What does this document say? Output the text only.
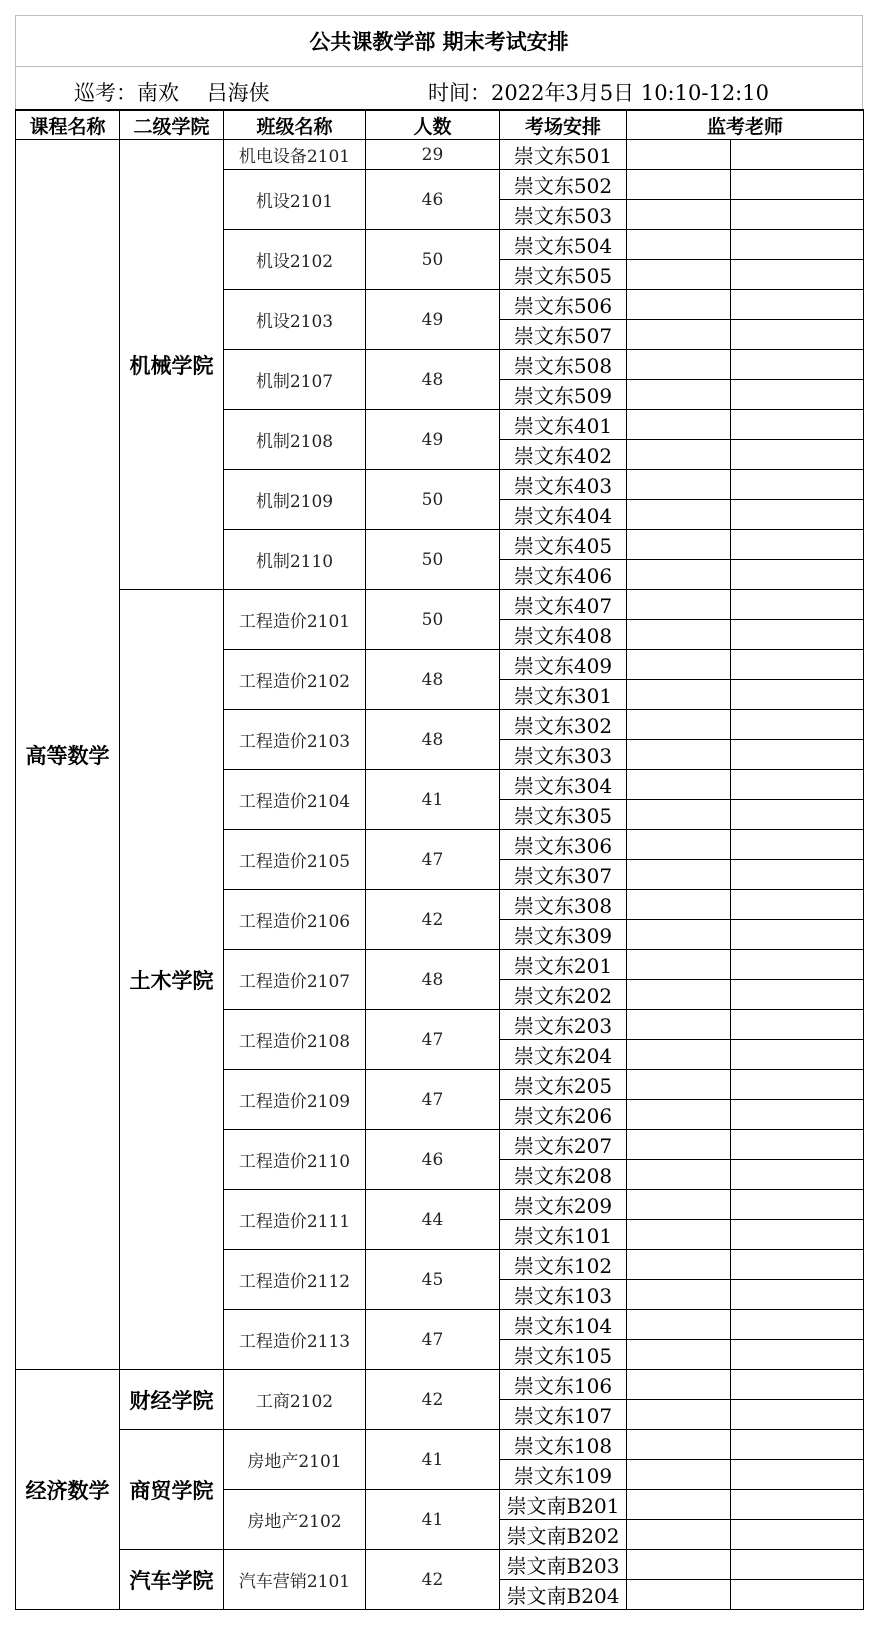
公共课教学部 期末考试安排
巡考：南欢　 吕海侠	时间：2022年3月5日 10:10-12:10
课程名称	二级学院	班级名称	人数	考场安排	监考老师	
高等数学	机械学院	机电设备2101	29	崇文东501		
		机设2101	46	崇文东502		
				崇文东503		
		机设2102	50	崇文东504		
				崇文东505		
		机设2103	49	崇文东506		
				崇文东507		
		机制2107	48	崇文东508		
				崇文东509		
		机制2108	49	崇文东401		
				崇文东402		
		机制2109	50	崇文东403		
				崇文东404		
		机制2110	50	崇文东405		
				崇文东406		
	土木学院	工程造价2101	50	崇文东407		
				崇文东408		
		工程造价2102	48	崇文东409		
				崇文东301		
		工程造价2103	48	崇文东302		
				崇文东303		
		工程造价2104	41	崇文东304		
				崇文东305		
		工程造价2105	47	崇文东306		
				崇文东307		
		工程造价2106	42	崇文东308		
				崇文东309		
		工程造价2107	48	崇文东201		
				崇文东202		
		工程造价2108	47	崇文东203		
				崇文东204		
		工程造价2109	47	崇文东205		
				崇文东206		
		工程造价2110	46	崇文东207		
				崇文东208		
		工程造价2111	44	崇文东209		
				崇文东101		
		工程造价2112	45	崇文东102		
				崇文东103		
		工程造价2113	47	崇文东104		
				崇文东105		
经济数学	财经学院	工商2102	42	崇文东106		
				崇文东107		
	商贸学院	房地产2101	41	崇文东108		
				崇文东109		
		房地产2102	41	崇文南B201		
				崇文南B202		
	汽车学院	汽车营销2101	42	崇文南B203		
				崇文南B204		
